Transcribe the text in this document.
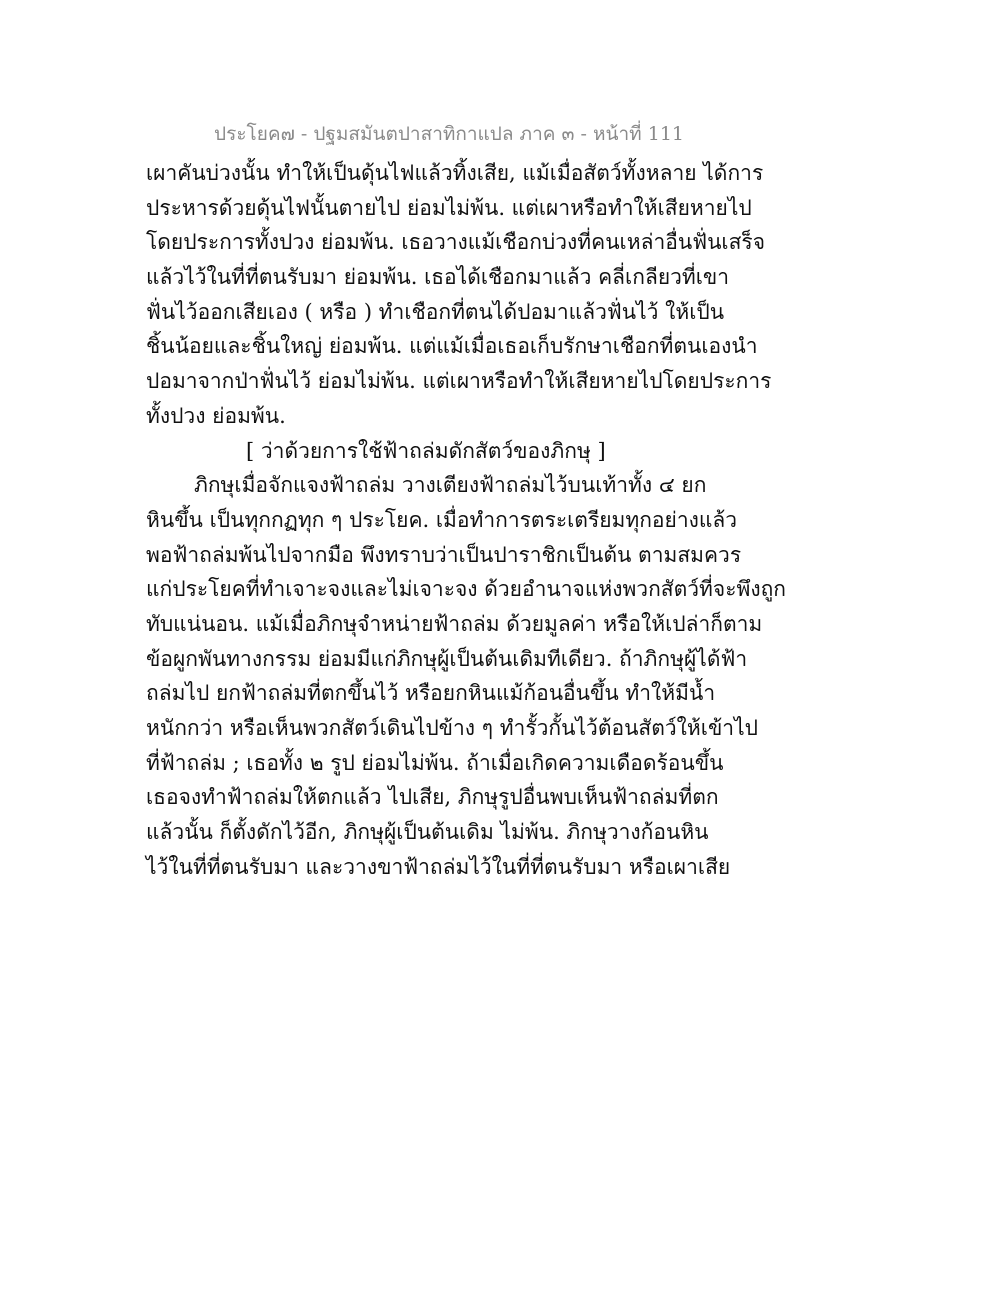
ประโยค๗ - ปฐมสมันตปาสาทิกาแปล ภาค ๓ - หน้าที่ 111
เผาคันบ่วงนั้น ทำให้เป็นดุ้นไฟแล้วทิ้งเสีย, แม้เมื่อสัตว์ทั้งหลาย ได้การ
ประหารด้วยดุ้นไฟนั้นตายไป ย่อมไม่พ้น. แต่เผาหรือทำให้เสียหายไป
โดยประการทั้งปวง ย่อมพ้น. เธอวางแม้เชือกบ่วงที่คนเหล่าอื่นฟั่นเสร็จ
แล้วไว้ในที่ที่ตนรับมา ย่อมพ้น. เธอได้เชือกมาแล้ว คลี่เกลียวที่เขา
ฟั่นไว้ออกเสียเอง ( หรือ ) ทำเชือกที่ตนได้ปอมาแล้วฟั่นไว้ ให้เป็น
ชิ้นน้อยและชิ้นใหญ่ ย่อมพ้น. แต่แม้เมื่อเธอเก็บรักษาเชือกที่ตนเองนำ
ปอมาจากป่าฟั่นไว้ ย่อมไม่พ้น. แต่เผาหรือทำให้เสียหายไปโดยประการ
ทั้งปวง ย่อมพ้น.
[ ว่าด้วยการใช้ฟ้าถล่มดักสัตว์ของภิกษุ ]
ภิกษุเมื่อจักแจงฟ้าถล่ม วางเตียงฟ้าถล่มไว้บนเท้าทั้ง ๔ ยก
หินขึ้น เป็นทุกกฏทุก ๆ ประโยค. เมื่อทำการตระเตรียมทุกอย่างแล้ว
พอฟ้าถล่มพ้นไปจากมือ พึงทราบว่าเป็นปาราชิกเป็นต้น ตามสมควร
แก่ประโยคที่ทำเจาะจงและไม่เจาะจง ด้วยอำนาจแห่งพวกสัตว์ที่จะพึงถูก
ทับแน่นอน. แม้เมื่อภิกษุจำหน่ายฟ้าถล่ม ด้วยมูลค่า หรือให้เปล่าก็ตาม
ข้อผูกพันทางกรรม ย่อมมีแก่ภิกษุผู้เป็นต้นเดิมทีเดียว. ถ้าภิกษุผู้ได้ฟ้า
ถล่มไป ยกฟ้าถล่มที่ตกขึ้นไว้ หรือยกหินแม้ก้อนอื่นขึ้น ทำให้มีน้ำ
หนักกว่า หรือเห็นพวกสัตว์เดินไปข้าง ๆ ทำรั้วกั้นไว้ต้อนสัตว์ให้เข้าไป
ที่ฟ้าถล่ม ; เธอทั้ง ๒ รูป ย่อมไม่พ้น. ถ้าเมื่อเกิดความเดือดร้อนขึ้น
เธอจงทำฟ้าถล่มให้ตกแล้ว ไปเสีย, ภิกษุรูปอื่นพบเห็นฟ้าถล่มที่ตก
แล้วนั้น ก็ตั้งดักไว้อีก, ภิกษุผู้เป็นต้นเดิม ไม่พ้น. ภิกษุวางก้อนหิน
ไว้ในที่ที่ตนรับมา และวางขาฟ้าถล่มไว้ในที่ที่ตนรับมา หรือเผาเสีย
